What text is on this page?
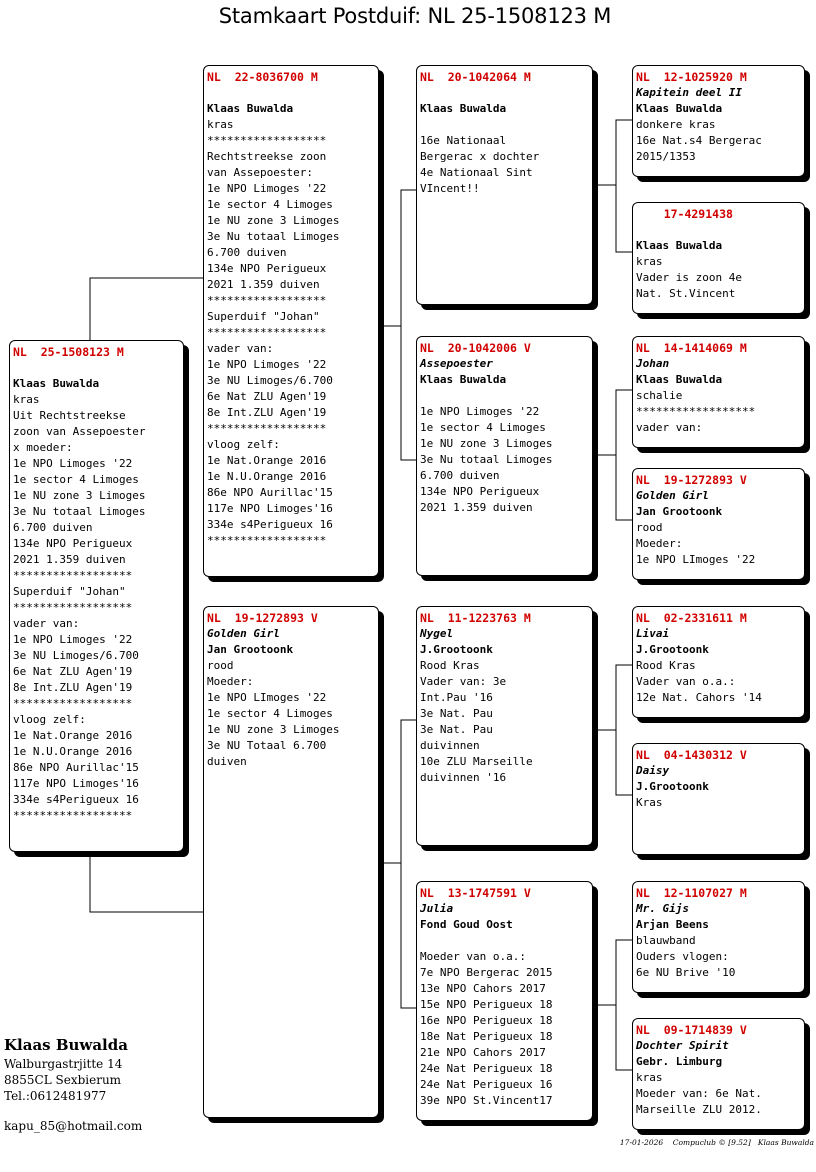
Stamkaart Postduif: NL 25-1508123 M
NL  25-1508123 M
Klaas Buwalda
kras
Uit Rechtstreekse
zoon van Assepoester
x moeder:
1e NPO Limoges '22
1e sector 4 Limoges
1e NU zone 3 Limoges
3e Nu totaal Limoges
6.700 duiven
134e NPO Perigueux
2021 1.359 duiven
******************
Superduif "Johan"
******************
vader van:
1e NPO Limoges '22
3e NU Limoges/6.700
6e Nat ZLU Agen'19
8e Int.ZLU Agen'19
******************
vloog zelf:
1e Nat.Orange 2016
1e N.U.Orange 2016
86e NPO Aurillac'15
117e NPO Limoges'16
334e s4Perigueux 16
******************
NL  22-8036700 M
Klaas Buwalda
kras
******************
Rechtstreekse zoon
van Assepoester:
1e NPO Limoges '22
1e sector 4 Limoges
1e NU zone 3 Limoges
3e Nu totaal Limoges
6.700 duiven
134e NPO Perigueux
2021 1.359 duiven
******************
Superduif "Johan"
******************
vader van:
1e NPO Limoges '22
3e NU Limoges/6.700
6e Nat ZLU Agen'19
8e Int.ZLU Agen'19
******************
vloog zelf:
1e Nat.Orange 2016
1e N.U.Orange 2016
86e NPO Aurillac'15
117e NPO Limoges'16
334e s4Perigueux 16
******************
NL  19-1272893 V
Golden Girl
Jan Grootoonk
rood
Moeder:
1e NPO LImoges '22
1e sector 4 Limoges
1e NU zone 3 Limoges
3e NU Totaal 6.700
duiven
NL  20-1042064 M
Klaas Buwalda
16e Nationaal
Bergerac x dochter
4e Nationaal Sint
VIncent!!
NL  20-1042006 V
Assepoester
Klaas Buwalda
1e NPO Limoges '22
1e sector 4 Limoges
1e NU zone 3 Limoges
3e Nu totaal Limoges
6.700 duiven
134e NPO Perigueux
2021 1.359 duiven
NL  11-1223763 M
Nygel
J.Grootoonk
Rood Kras
Vader van: 3e
Int.Pau '16
3e Nat. Pau
3e Nat. Pau
duivinnen
10e ZLU Marseille
duivinnen '16
NL  13-1747591 V
Julia
Fond Goud Oost
Moeder van o.a.:
7e NPO Bergerac 2015
13e NPO Cahors 2017
15e NPO Perigueux 18
16e NPO Perigueux 18
18e Nat Perigueux 18
21e NPO Cahors 2017
24e Nat Perigueux 18
24e Nat Perigueux 16
39e NPO St.Vincent17
NL  12-1025920 M
Kapitein deel II
Klaas Buwalda
donkere kras
16e Nat.s4 Bergerac
2015/1353
17-4291438
Klaas Buwalda
kras
Vader is zoon 4e
Nat. St.Vincent
NL  14-1414069 M
Johan
Klaas Buwalda
schalie
******************
vader van:
NL  19-1272893 V
Golden Girl
Jan Grootoonk
rood
Moeder:
1e NPO LImoges '22
NL  02-2331611 M
Livai
J.Grootoonk
Rood Kras
Vader van o.a.:
12e Nat. Cahors '14
NL  04-1430312 V
Daisy
J.Grootoonk
Kras
NL  12-1107027 M
Mr. Gijs
Arjan Beens
blauwband
Ouders vlogen:
6e NU Brive '10
NL  09-1714839 V
Dochter Spirit
Gebr. Limburg
kras
Moeder van: 6e Nat.
Marseille ZLU 2012.
Klaas Buwalda
Walburgastrjitte 14
8855CL Sexbierum
Tel.:0612481977
kapu_85@hotmail.com
17-01-2026 Compuclub © [9.52] Klaas Buwalda
